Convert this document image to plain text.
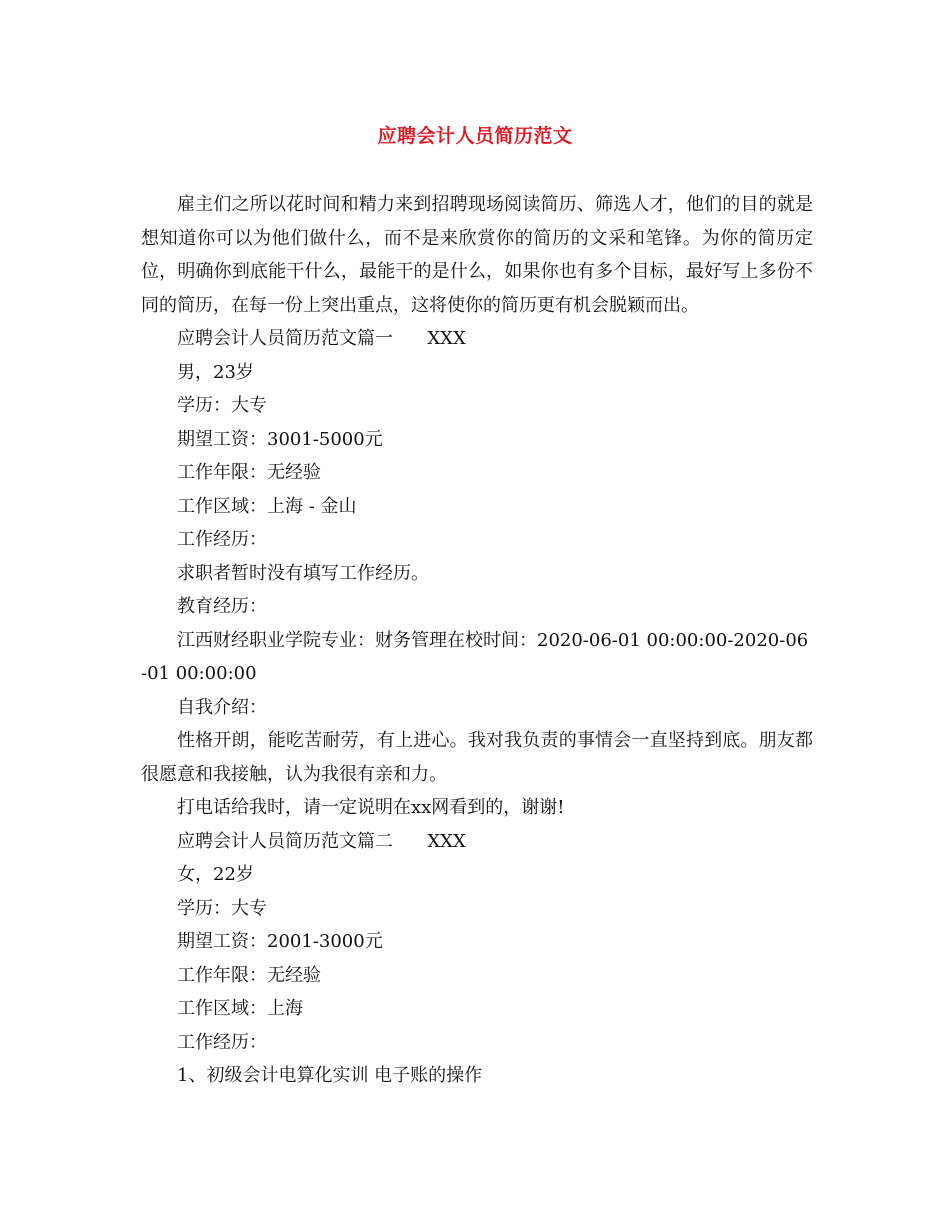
应聘会计人员简历范文

雇主们之所以花时间和精力来到招聘现场阅读简历、筛选人才，他们的目的就是想知道你可以为他们做什么，而不是来欣赏你的简历的文采和笔锋。为你的简历定位，明确你到底能干什么，最能干的是什么，如果你也有多个目标，最好写上多份不同的简历，在每一份上突出重点，这将使你的简历更有机会脱颖而出。

应聘会计人员简历范文篇一      XXX

男，23岁

学历：大专

期望工资：3001-5000元

工作年限：无经验

工作区域：上海 - 金山

工作经历：

求职者暂时没有填写工作经历。

教育经历：

江西财经职业学院专业：财务管理在校时间：2020-06-01 00:00:00-2020-06-01 00:00:00

自我介绍：

性格开朗，能吃苦耐劳，有上进心。我对我负责的事情会一直坚持到底。朋友都很愿意和我接触，认为我很有亲和力。

打电话给我时，请一定说明在xx网看到的，谢谢!

应聘会计人员简历范文篇二      XXX

女，22岁

学历：大专

期望工资：2001-3000元

工作年限：无经验

工作区域：上海

工作经历：

1、初级会计电算化实训 电子账的操作
